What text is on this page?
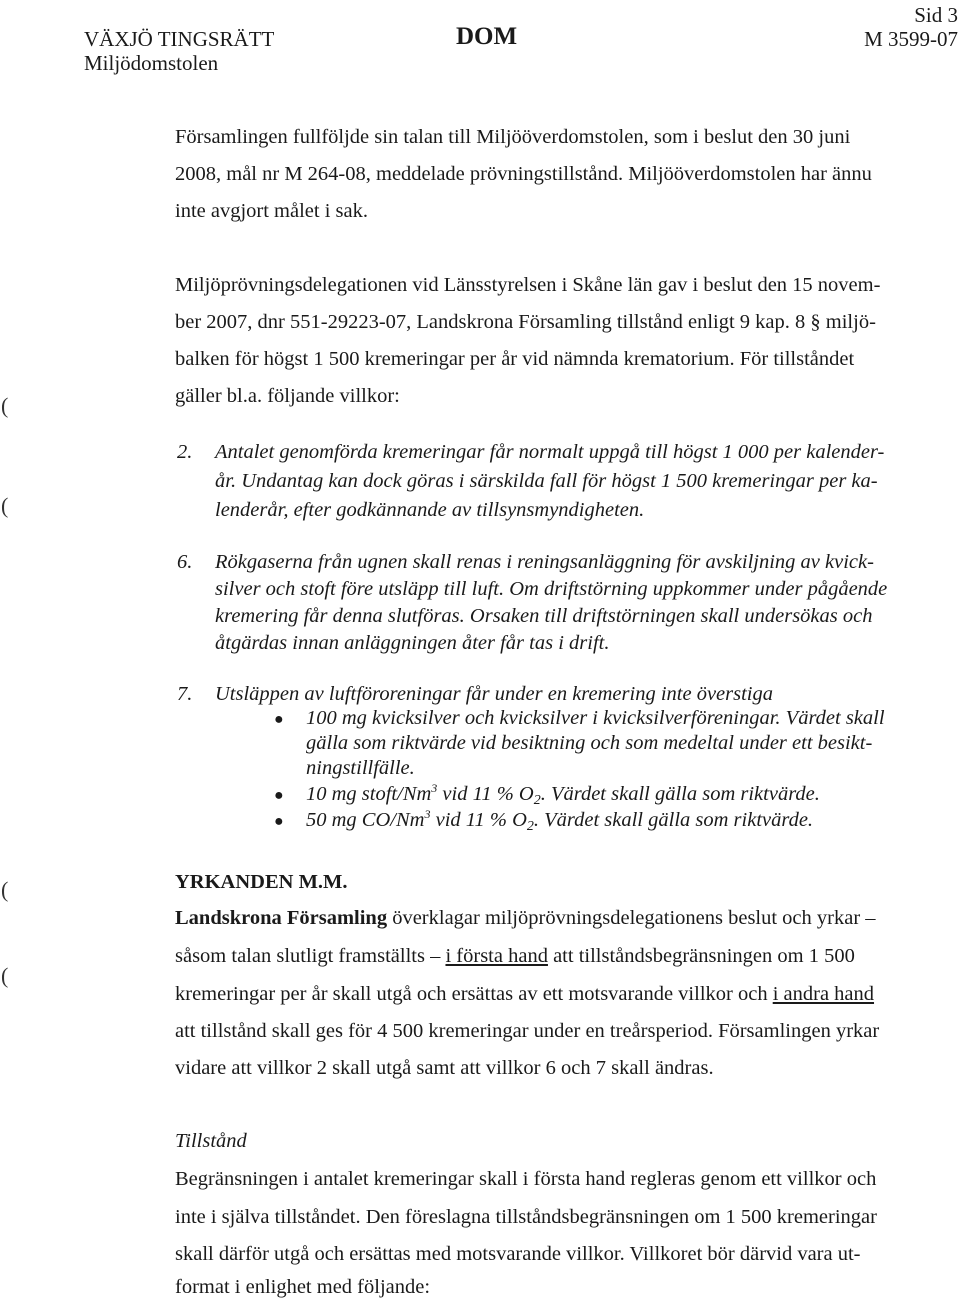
VÄXJÖ TINGSRÄTT
Miljödomstolen
DOM
Sid 3
M 3599-07
(
(
(
(
Församlingen fullföljde sin talan till Miljööverdomstolen, som i beslut den 30 juni
2008, mål nr M 264-08, meddelade prövningstillstånd. Miljööverdomstolen har ännu
inte avgjort målet i sak.
Miljöprövningsdelegationen vid Länsstyrelsen i Skåne län gav i beslut den 15 novem-
ber 2007, dnr 551-29223-07, Landskrona Församling tillstånd enligt 9 kap. 8 § miljö-
balken för högst 1 500 kremeringar per år vid nämnda krematorium. För tillståndet
gäller bl.a. följande villkor:
2. Antalet genomförda kremeringar får normalt uppgå till högst 1 000 per kalender-
år. Undantag kan dock göras i särskilda fall för högst 1 500 kremeringar per ka-
lenderår, efter godkännande av tillsynsmyndigheten.
6. Rökgaserna från ugnen skall renas i reningsanläggning för avskiljning av kvick-
silver och stoft före utsläpp till luft. Om driftstörning uppkommer under pågående
kremering får denna slutföras. Orsaken till driftstörningen skall undersökas och
åtgärdas innan anläggningen åter får tas i drift.
7. Utsläppen av luftföroreningar får under en kremering inte överstiga
● 100 mg kvicksilver och kvicksilver i kvicksilverföreningar. Värdet skall
gälla som riktvärde vid besiktning och som medeltal under ett besikt-
ningstillfälle.
● 10 mg stoft/Nm$^3$ vid 11 % $O_2$. Värdet skall gälla som riktvärde.
● 50 mg CO/Nm$^3$ vid 11 % $O_2$. Värdet skall gälla som riktvärde.
YRKANDEN M.M.
Landskrona Församling överklagar miljöprövningsdelegationens beslut och yrkar –
såsom talan slutligt framställts – i första hand att tillståndsbegränsningen om 1 500
kremeringar per år skall utgå och ersättas av ett motsvarande villkor och i andra hand
att tillstånd skall ges för 4 500 kremeringar under en treårsperiod. Församlingen yrkar
vidare att villkor 2 skall utgå samt att villkor 6 och 7 skall ändras.
Tillstånd
Begränsningen i antalet kremeringar skall i första hand regleras genom ett villkor och
inte i själva tillståndet. Den föreslagna tillståndsbegränsningen om 1 500 kremeringar
skall därför utgå och ersättas med motsvarande villkor. Villkoret bör därvid vara ut-
format i enlighet med följande:
